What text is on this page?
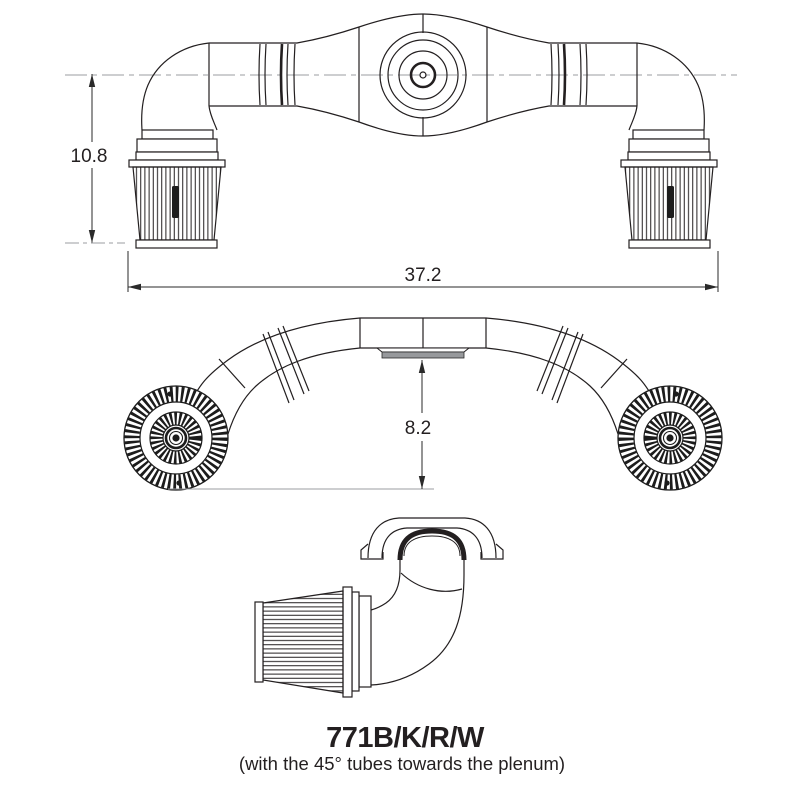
10.8
37.2
8.2
771B/K/R/W
(with the 45° tubes towards the plenum)
